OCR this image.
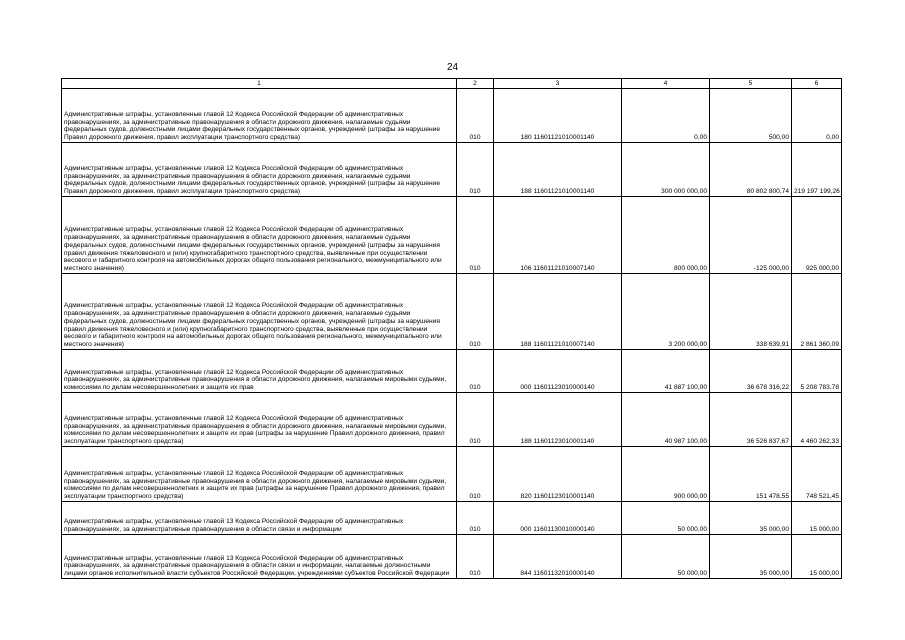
24
1	2	3	4	5	6
Административные штрафы, установленные главой 12 Кодекса Российской Федерации об административных правонарушениях, за административные правонарушения в области дорожного движения, налагаемые судьями федеральных судов, должностными лицами федеральных государственных органов, учреждений (штрафы за нарушение Правил дорожного движения, правил эксплуатации транспортного средства)	010	180 11601121010001140	0,00	500,00	0,00
Административные штрафы, установленные главой 12 Кодекса Российской Федерации об административных правонарушениях, за административные правонарушения в области дорожного движения, налагаемые судьями федеральных судов, должностными лицами федеральных государственных органов, учреждений (штрафы за нарушение Правил дорожного движения, правил эксплуатации транспортного средства)	010	188 11601121010001140	300 000 000,00	80 802 800,74	219 197 199,26
Административные штрафы, установленные главой 12 Кодекса Российской Федерации об административных правонарушениях, за административные правонарушения в области дорожного движения, налагаемые судьями федеральных судов, должностными лицами федеральных государственных органов, учреждений (штрафы за нарушения правил движения тяжеловесного и (или) крупногабаритного транспортного средства, выявленные при осуществлении весового и габаритного контроля на автомобильных дорогах общего пользования регионального, межмуниципального или местного значения)	010	106 11601121010007140	800 000,00	-125 000,00	925 000,00
Административные штрафы, установленные главой 12 Кодекса Российской Федерации об административных правонарушениях, за административные правонарушения в области дорожного движения, налагаемые судьями федеральных судов, должностными лицами федеральных государственных органов, учреждений (штрафы за нарушения правил движения тяжеловесного и (или) крупногабаритного транспортного средства, выявленные при осуществлении весового и габаритного контроля на автомобильных дорогах общего пользования регионального, межмуниципального или местного значения)	010	188 11601121010007140	3 200 000,00	338 639,91	2 861 360,09
Административные штрафы, установленные главой 12 Кодекса Российской Федерации об административных правонарушениях, за административные правонарушения в области дорожного движения, налагаемые мировыми судьями, комиссиями по делам несовершеннолетних и защите их прав	010	000 11601123010000140	41 887 100,00	36 678 316,22	5 208 783,78
Административные штрафы, установленные главой 12 Кодекса Российской Федерации об административных правонарушениях, за административные правонарушения в области дорожного движения, налагаемые мировыми судьями, комиссиями по делам несовершеннолетних и защите их прав (штрафы за нарушение Правил дорожного движения, правил эксплуатации транспортного средства)	010	188 11601123010001140	40 987 100,00	36 526 837,67	4 460 262,33
Административные штрафы, установленные главой 12 Кодекса Российской Федерации об административных правонарушениях, за административные правонарушения в области дорожного движения, налагаемые мировыми судьями, комиссиями по делам несовершеннолетних и защите их прав (штрафы за нарушение Правил дорожного движения, правил эксплуатации транспортного средства)	010	820 11601123010001140	900 000,00	151 478,55	748 521,45
Административные штрафы, установленные главой 13 Кодекса Российской Федерации об административных правонарушениях, за административные правонарушения в области связи и информации	010	000 11601130010000140	50 000,00	35 000,00	15 000,00
Административные штрафы, установленные главой 13 Кодекса Российской Федерации об административных правонарушениях, за административные правонарушения в области связи и информации, налагаемые должностными лицами органов исполнительной власти субъектов Российской Федерации, учреждениями субъектов Российской Федерации	010	844 11601132010000140	50 000,00	35 000,00	15 000,00
